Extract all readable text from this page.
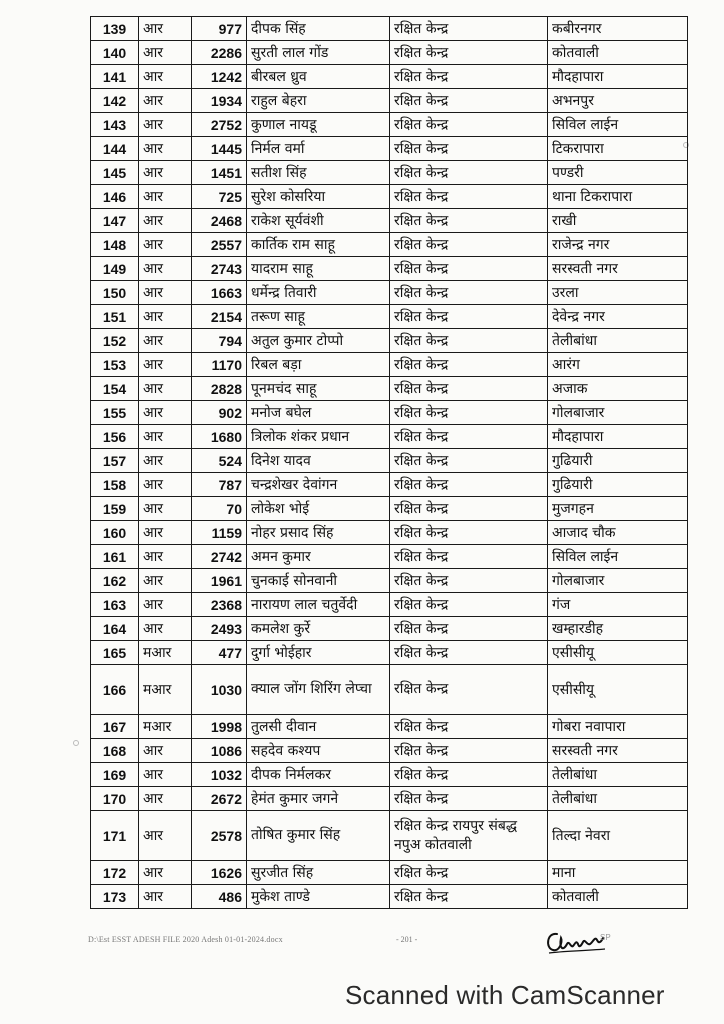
139	आर	977	दीपक सिंह	रक्षित केन्द्र	कबीरनगर
140	आर	2286	सुरती लाल गोंड	रक्षित केन्द्र	कोतवाली
141	आर	1242	बीरबल ध्रुव	रक्षित केन्द्र	मौदहापारा
142	आर	1934	राहुल बेहरा	रक्षित केन्द्र	अभनपुर
143	आर	2752	कुणाल नायडू	रक्षित केन्द्र	सिविल लाईन
144	आर	1445	निर्मल वर्मा	रक्षित केन्द्र	टिकरापारा
145	आर	1451	सतीश सिंह	रक्षित केन्द्र	पण्डरी
146	आर	725	सुरेश कोसरिया	रक्षित केन्द्र	थाना टिकरापारा
147	आर	2468	राकेश सूर्यवंशी	रक्षित केन्द्र	राखी
148	आर	2557	कार्तिक राम साहू	रक्षित केन्द्र	राजेन्द्र नगर
149	आर	2743	यादराम साहू	रक्षित केन्द्र	सरस्वती नगर
150	आर	1663	धर्मेन्द्र तिवारी	रक्षित केन्द्र	उरला
151	आर	2154	तरूण साहू	रक्षित केन्द्र	देवेन्द्र नगर
152	आर	794	अतुल कुमार टोप्पो	रक्षित केन्द्र	तेलीबांधा
153	आर	1170	रिबल बड़ा	रक्षित केन्द्र	आरंग
154	आर	2828	पूनमचंद साहू	रक्षित केन्द्र	अजाक
155	आर	902	मनोज बघेल	रक्षित केन्द्र	गोलबाजार
156	आर	1680	त्रिलोक शंकर प्रधान	रक्षित केन्द्र	मौदहापारा
157	आर	524	दिनेश यादव	रक्षित केन्द्र	गुढियारी
158	आर	787	चन्द्रशेखर देवांगन	रक्षित केन्द्र	गुढियारी
159	आर	70	लोकेश भोई	रक्षित केन्द्र	मुजगहन
160	आर	1159	नोहर प्रसाद सिंह	रक्षित केन्द्र	आजाद चौक
161	आर	2742	अमन कुमार	रक्षित केन्द्र	सिविल लाईन
162	आर	1961	चुनकाई सोनवानी	रक्षित केन्द्र	गोलबाजार
163	आर	2368	नारायण लाल चतुर्वेदी	रक्षित केन्द्र	गंज
164	आर	2493	कमलेश कुर्रे	रक्षित केन्द्र	खम्हारडीह
165	मआर	477	दुर्गा भोईहार	रक्षित केन्द्र	एसीसीयू
166	मआर	1030	क्याल जोंग शिरिंग लेप्चा	रक्षित केन्द्र	एसीसीयू
167	मआर	1998	तुलसी दीवान	रक्षित केन्द्र	गोबरा नवापारा
168	आर	1086	सहदेव कश्यप	रक्षित केन्द्र	सरस्वती नगर
169	आर	1032	दीपक निर्मलकर	रक्षित केन्द्र	तेलीबांधा
170	आर	2672	हेमंत कुमार जगने	रक्षित केन्द्र	तेलीबांधा
171	आर	2578	तोषित कुमार सिंह	रक्षित केन्द्र रायपुर संबद्ध नपुअ कोतवाली	तिल्दा नेवरा
172	आर	1626	सुरजीत सिंह	रक्षित केन्द्र	माना
173	आर	486	मुकेश ताण्डे	रक्षित केन्द्र	कोतवाली
D:\Est ESST ADESH FILE 2020 Adesh 01-01-2024.docx	- 201 -	SP
Scanned with CamScanner
